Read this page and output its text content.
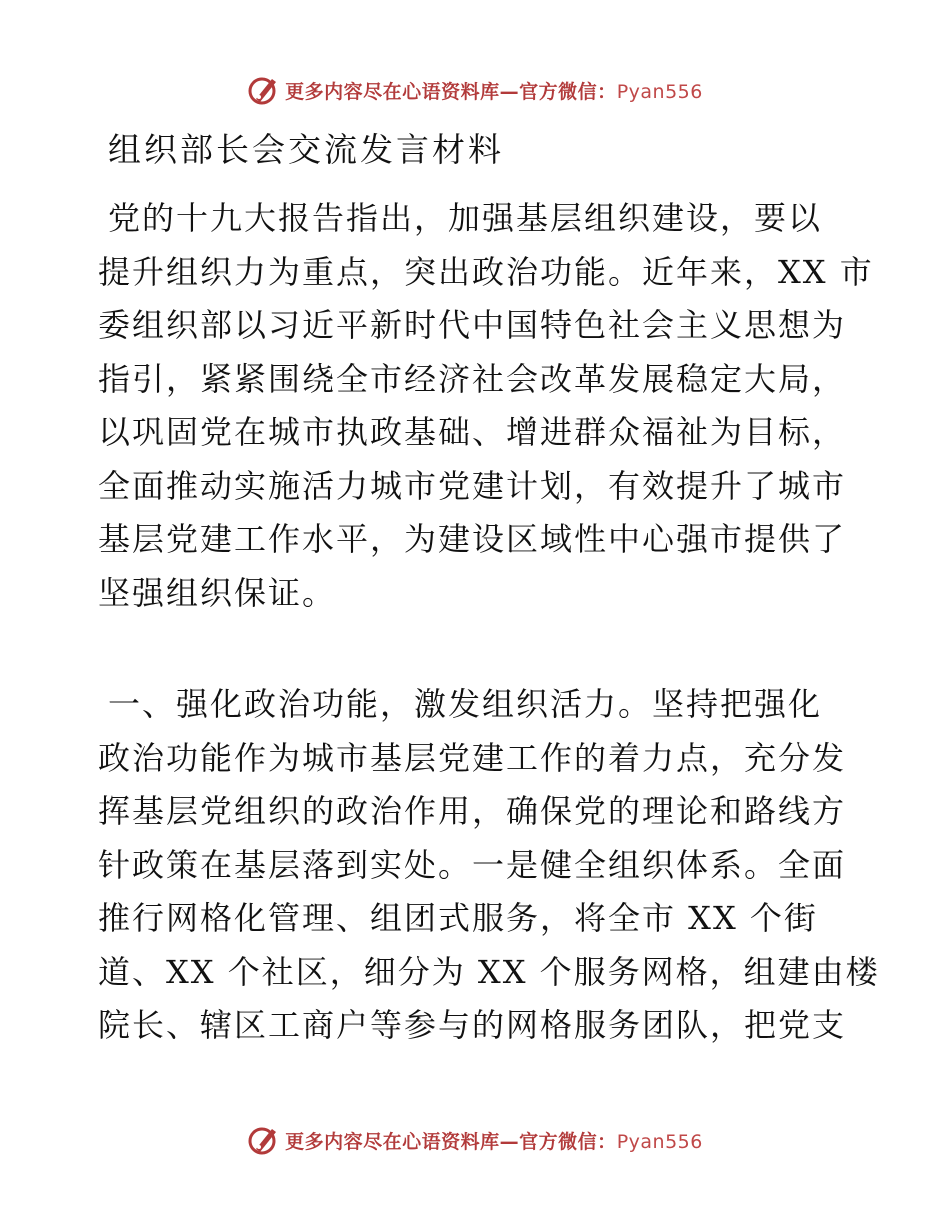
更多内容尽在心语资料库—官方微信：Pyan556
组织部长会交流发言材料

党的十九大报告指出，加强基层组织建设，要以
提升组织力为重点，突出政治功能。近年来，XX 市
委组织部以习近平新时代中国特色社会主义思想为
指引，紧紧围绕全市经济社会改革发展稳定大局，
以巩固党在城市执政基础、增进群众福祉为目标，
全面推动实施活力城市党建计划，有效提升了城市
基层党建工作水平，为建设区域性中心强市提供了
坚强组织保证。

一、强化政治功能，激发组织活力。坚持把强化
政治功能作为城市基层党建工作的着力点，充分发
挥基层党组织的政治作用，确保党的理论和路线方
针政策在基层落到实处。一是健全组织体系。全面
推行网格化管理、组团式服务，将全市 XX 个街
道、XX 个社区，细分为 XX 个服务网格，组建由楼
院长、辖区工商户等参与的网格服务团队，把党支

更多内容尽在心语资料库—官方微信：Pyan556
